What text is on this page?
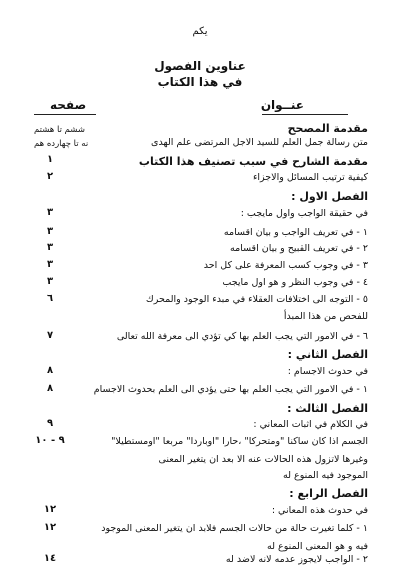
يكم
عناوين الفصول
في هذا الكتاب
عنــوان
صفحه
ششم تا هشتم
نه تا چهارده هم
مقدمة المصحح
متن رسالة جمل العلم للسيد الاجل المرتضى علم الهدى
مقدمة الشارح في سبب تصنيف هذا الكتاب
١
كيفية ترتيب المسائل والاجزاء
٢
الفصل الاول :
في حقيقة الواجب واول مايجب :
٣
١ - في تعريف الواجب و بيان اقسامه
٣
٢ - في تعريف القبيح و بيان اقسامه
٣
٣ - في وجوب كسب المعرفة على كل احد
٣
٤ - في وجوب النظر و هو اول مايجب
٣
٥ - التوجه الى اختلافات العقلاء في مبدء الوجود والمحرك
٦
للفحص من هذا المبدأ
٦ - في الامور التي يجب العلم بها كي تؤدي الى معرفة الله تعالى
٧
الفصل الثاني :
في حدوث الاجسام :
٨
١ - في الامور التي يجب العلم بها حتى يؤدي الى العلم بحدوث الاجسام
٨
الفصل الثالث :
في الكلام في اثبات المعاني :
٩
الجسم اذا كان ساكنا "ومتحركا" ،حارا "اوباردا" مربعا "اومستطيلا"
٩ - ١٠
وغيرها لاتزول هذه الحالات عنه الا بعد ان يتغير المعنى
الموجود فيه المنوع له
الفصل الرابع :
في حدوث هذه المعاني :
١٢
١ - كلما تغيرت حالة من حالات الجسم فلابد ان يتغير المعنى الموجود
١٢
فيه و هو المعنى المنوع له
٢ - الواجب لايجوز عدمه لانه لاضد له
١٤
